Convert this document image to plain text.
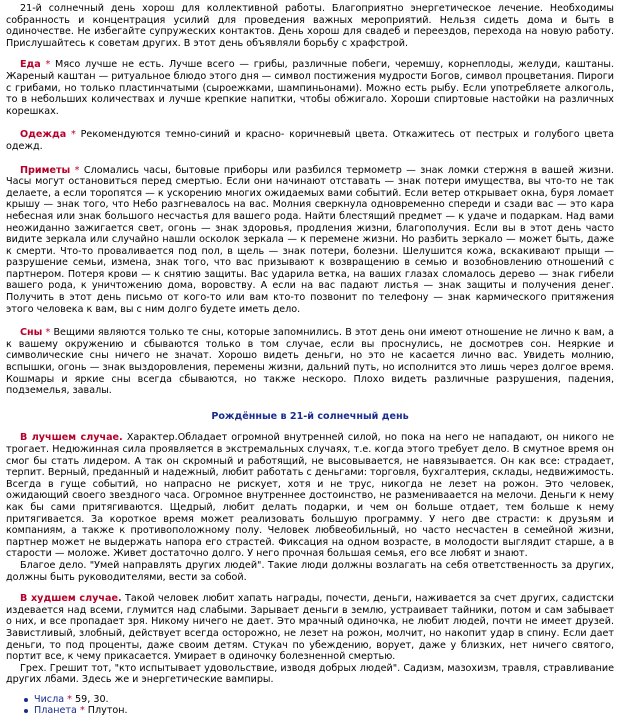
21-й солнечный день хорош для коллективной работы. Благоприятно энергетическое лечение. Необходимы собранность и концентрация усилий для проведения важных мероприятий. Нельзя сидеть дома и быть в одиночестве. Не избегайте супружеских контактов. День хорош для свадеб и переездов, перехода на новую работу. Прислушайтесь к советам других. В этот день объявляли борьбу с храфстрой.

Еда * Мясо лучше не есть. Лучше всего — грибы, различные побеги, черемшу, корнеплоды, желуди, каштаны. Жареный каштан — ритуальное блюдо этого дня — символ постижения мудрости Богов, символ процветания. Пироги с грибами, но только пластинчатыми (сыроежками, шампиньонами). Можно есть рыбу. Если употребляете алкоголь, то в небольших количествах и лучше крепкие напитки, чтобы обжигало. Хороши спиртовые настойки на различных корешках.

Одежда * Рекомендуются темно-синий и красно- коричневый цвета. Откажитесь от пестрых и голубого цвета одежд.

Приметы * Сломались часы, бытовые приборы или разбился термометр — знак ломки стержня в вашей жизни. Часы могут остановиться перед смертью. Если они начинают отставать — знак потери имущества, вы что-то не так делаете, а если торопятся — к ускорению многих ожидаемых вами событий. Если ветер открывает окна, буря ломает крышу — знак того, что Небо разгневалось на вас. Молния сверкнула одновременно спереди и сзади вас — это кара небесная или знак большого несчастья для вашего рода. Найти блестящий предмет — к удаче и подаркам. Над вами неожиданно зажигается свет, огонь — знак здоровья, продления жизни, благополучия. Если вы в этот день часто видите зеркала или случайно нашли осколок зеркала — к перемене жизни. Но разбить зеркало — может быть, даже к смерти. Что-то проваливается под пол, в щель — знак потери, болезни. Шелушится кожа, вскакивают прыщи — разрушение семьи, измена, знак того, что вас призывают к возвращению в семью и возобновлению отношений с партнером. Потеря крови — к снятию защиты. Вас ударила ветка, на ваших глазах сломалось дерево — знак гибели вашего рода, к уничтожению дома, воровству. А если на вас падают листья — знак защиты и получения денег. Получить в этот день письмо от кого-то или вам кто-то позвонит по телефону — знак кармического притяжения этого человека к вам, вы с ним долго будете иметь дело.

Сны * Вещими являются только те сны, которые запомнились. В этот день они имеют отношение не лично к вам, а к вашему окружению и сбываются только в том случае, если вы проснулись, не досмотрев сон. Неяркие и символические сны ничего не значат. Хорошо видеть деньги, но это не касается лично вас. Увидеть молнию, вспышки, огонь — знак выздоровления, перемены жизни, дальний путь, но исполнится это лишь через долгое время. Кошмары и яркие сны всегда сбываются, но также нескоро. Плохо видеть различные разрушения, падения, подземелья, завалы.

Рождённые в 21-й солнечный день

В лучшем случае. Характер.Обладает огромной внутренней силой, но пока на него не нападают, он никого не трогает. Недюжинная сила проявляется в экстремальных случаях, т.е. когда этого требует дело. В смутное время он смог бы стать лидером. А так он скромный и работящий, не высовывается, не навязывается. Он как все: страдает, терпит. Верный, преданный и надежный, любит работать с деньгами: торговля, бухгалтерия, склады, недвижимость. Всегда в гуще событий, но напрасно не рискует, хотя и не трус, никогда не лезет на рожон. Это человек, ожидающий своего звездного часа. Огромное внутреннее достоинство, не размениваается на мелочи. Деньги к нему как бы сами притягиваются. Щедрый, любит делать подарки, и чем он больше отдает, тем больше к нему притягивается. За короткое время может реализовать большую программу. У него две страсти: к друзьям и компаниям, а также к противоположному полу. Человек любвеобильный, но часто несчастен в семейной жизни, партнер может не выдержать напора его страстей. Фиксация на одном возрасте, в молодости выглядит старше, а в старости — моложе. Живет достаточно долго. У него прочная большая семья, его все любят и знают.

Благое дело. "Умей направлять других людей". Такие люди должны возлагать на себя ответственность за других, должны быть руководителями, вести за собой.

В худшем случае. Такой человек любит хапать награды, почести, деньги, наживается за счет других, садистски издевается над всеми, глумится над слабыми. Зарывает деньги в землю, устраивает тайники, потом и сам забывает о них, и все пропадает зря. Никому ничего не дает. Это мрачный одиночка, не любит людей, почти не имеет друзей. Завистливый, злобный, действует всегда осторожно, не лезет на рожон, молчит, но накопит удар в спину. Если дает деньги, то под проценты, даже своим детям. Стукач по убеждению, ворует, даже у близких, нет ничего святого, портит все, к чему прикасается. Умирает в одиночку болезненной смертью.

Грех. Грешит тот, "кто испытывает удовольствие, изводя добрых людей". Садизм, мазохизм, травля, стравливание других лбами. Здесь же и энергетические вампиры.

Числа * 59, 30.
Планета * Плутон.
